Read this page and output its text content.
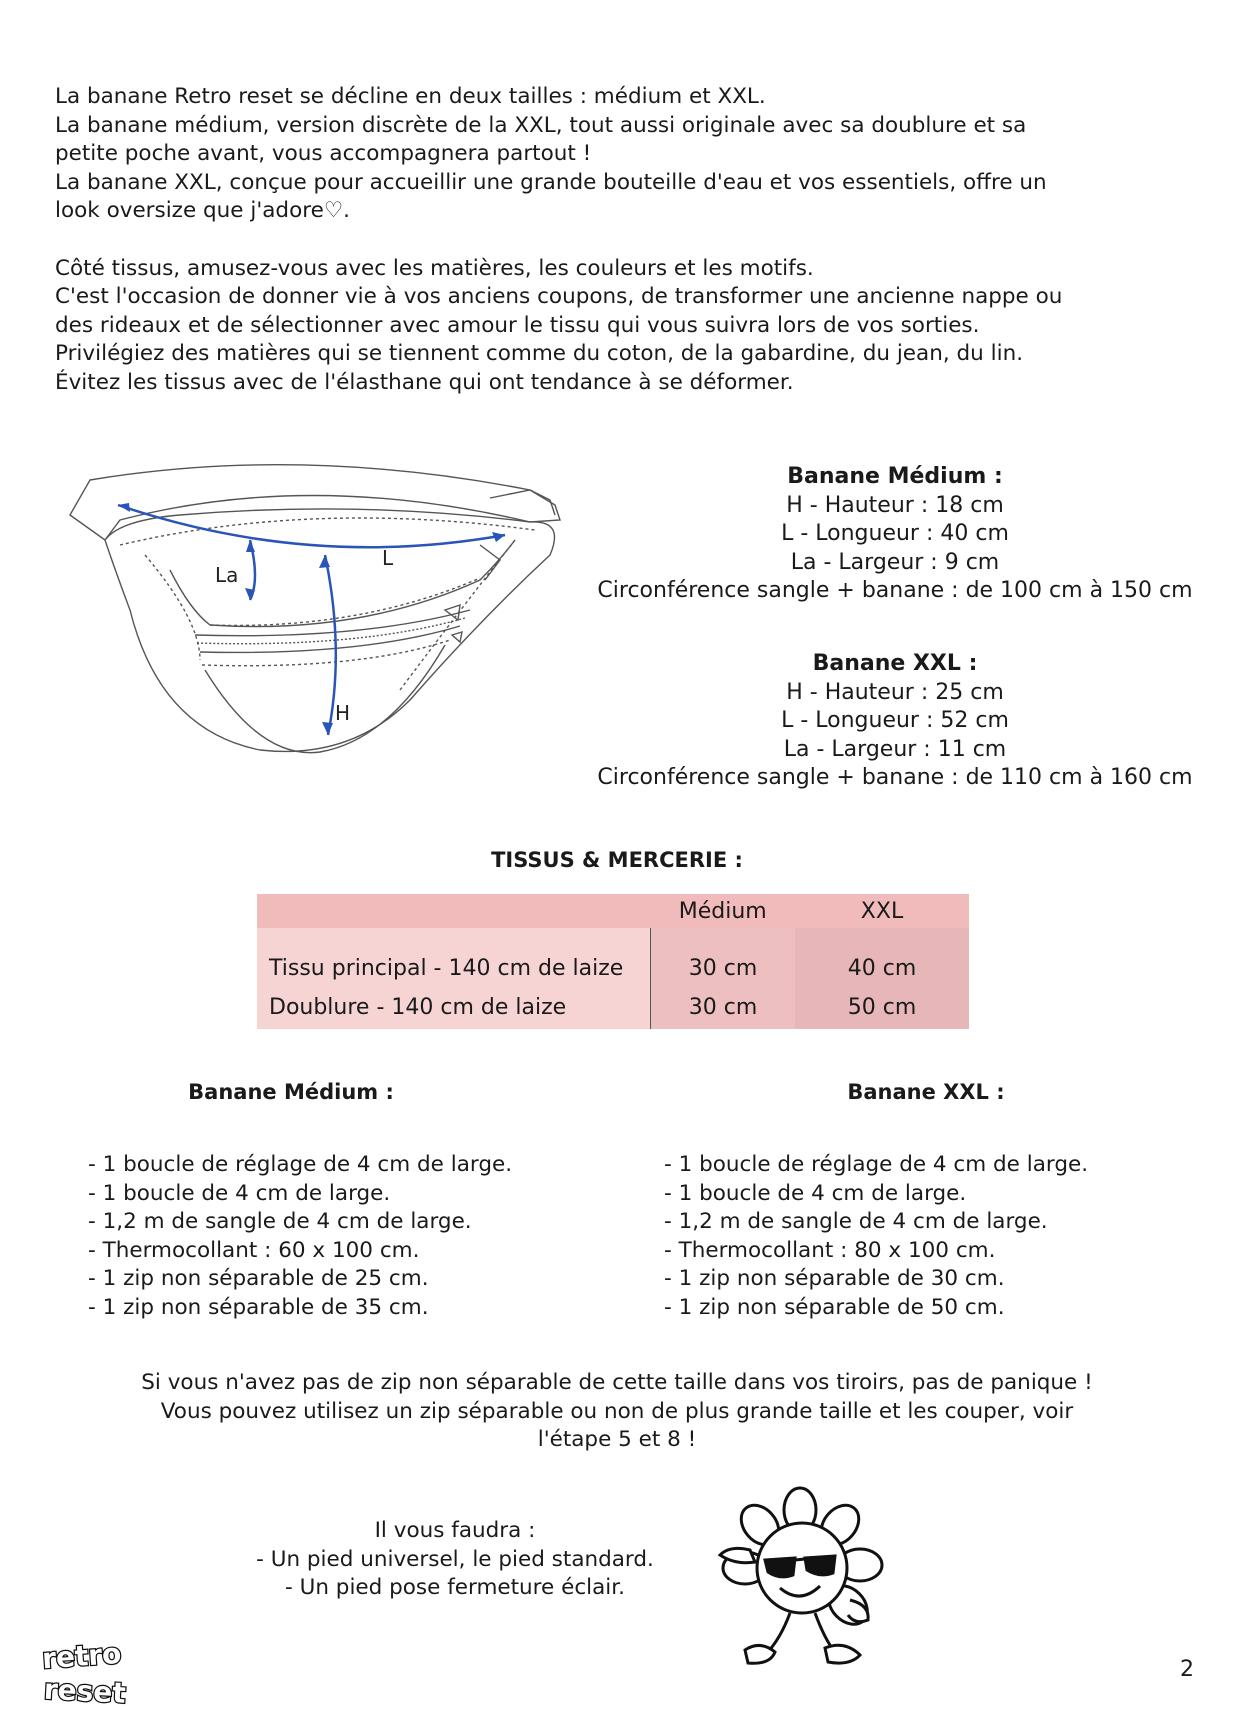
La banane Retro reset se décline en deux tailles : médium et XXL.

La banane médium, version discrète de la XXL, tout aussi originale avec sa doublure et sa

petite poche avant, vous accompagnera partout !

La banane XXL, conçue pour accueillir une grande bouteille d'eau et vos essentiels, offre un

look oversize que j'adore♡.

Côté tissus, amusez-vous avec les matières, les couleurs et les motifs.

C'est l'occasion de donner vie à vos anciens coupons, de transformer une ancienne nappe ou

des rideaux et de sélectionner avec amour le tissu qui vous suivra lors de vos sorties.

Privilégiez des matières qui se tiennent comme du coton, de la gabardine, du jean, du lin.

Évitez les tissus avec de l'élasthane qui ont tendance à se déformer.

La
L
H
Banane Médium :
H - Hauteur : 18 cm
L - Longueur : 40 cm
La - Largeur : 9 cm
Circonférence sangle + banane : de 100 cm à 150 cm
Banane XXL :
H - Hauteur : 25 cm
L - Longueur : 52 cm
La - Largeur : 11 cm
Circonférence sangle + banane : de 110 cm à 160 cm
TISSUS & MERCERIE :
	Médium	XXL
Tissu principal - 140 cm de laize	30 cm	40 cm
Doublure - 140 cm de laize	30 cm	50 cm
Banane Médium :	Banane XXL :
- 1 boucle de réglage de 4 cm de large.
- 1 boucle de 4 cm de large.
- 1,2 m de sangle de 4 cm de large.
- Thermocollant : 60 x 100 cm.
- 1 zip non séparable de 25 cm.
- 1 zip non séparable de 35 cm.
- 1 boucle de réglage de 4 cm de large.
- 1 boucle de 4 cm de large.
- 1,2 m de sangle de 4 cm de large.
- Thermocollant : 80 x 100 cm.
- 1 zip non séparable de 30 cm.
- 1 zip non séparable de 50 cm.
Si vous n'avez pas de zip non séparable de cette taille dans vos tiroirs, pas de panique !
Vous pouvez utilisez un zip séparable ou non de plus grande taille et les couper, voir
l'étape 5 et 8 !
Il vous faudra :
- Un pied universel, le pied standard.
- Un pied pose fermeture éclair.
retro
reset
2
